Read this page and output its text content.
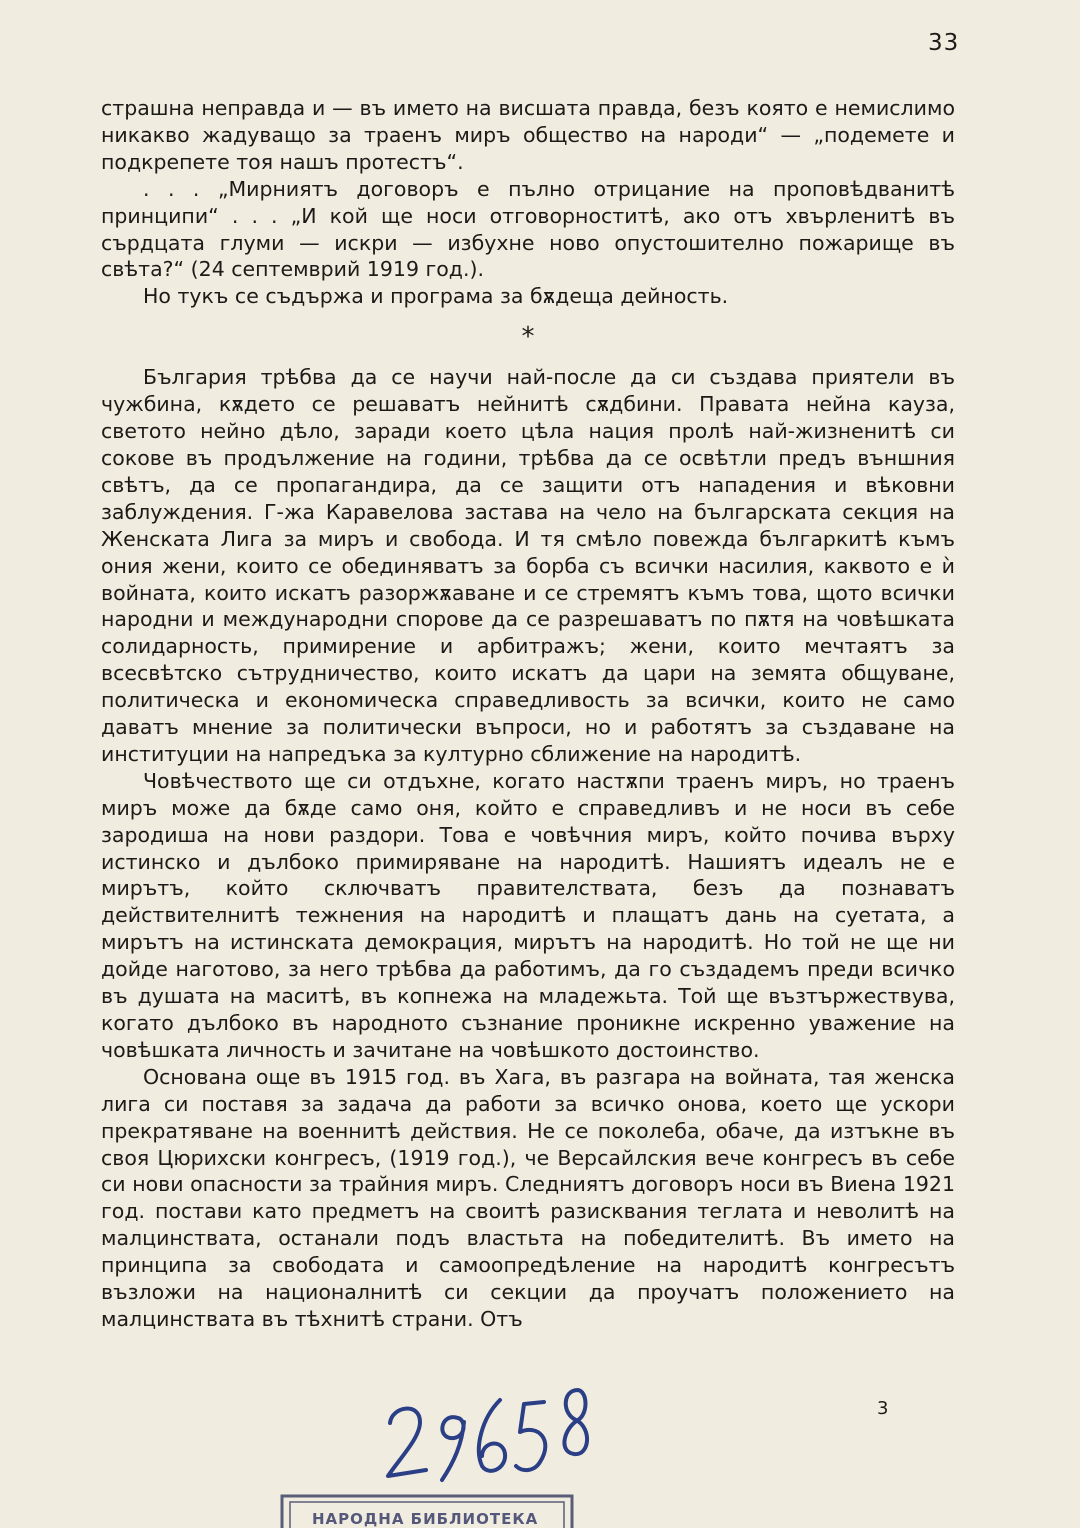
33

страшна неправда и — въ името на висшата правда, безъ която е немислимо никакво жадуващо за траенъ миръ общество на народи“ — „подемете и подкрепете тоя нашъ протестъ“.

. . . „Мирниятъ договоръ е пълно отрицание на проповѣдванитѣ принципи“ . . . „И кой ще носи отговорноститѣ, ако отъ хвърленитѣ въ сърдцата глуми — искри — избухне ново опустошително пожарище въ свѣта?“ (24 септемврий 1919 год.).

Но тукъ се съдържа и програма за бѫдеща дейность.

*

България трѣбва да се научи най-после да си създава приятели въ чужбина, кѫдето се решаватъ нейнитѣ сѫдбини. Правата нейна кауза, светото нейно дѣло, заради което цѣла нация пролѣ най-жизненитѣ си сокове въ продължение на години, трѣбва да се освѣтли предъ външния свѣтъ, да се пропагандира, да се защити отъ нападения и вѣковни заблуждения. Г-жа Каравелова застава на чело на българската секция на Женската Лига за миръ и свобода. И тя смѣло повежда българкитѣ къмъ ония жени, които се обединяватъ за борба съ всички насилия, каквото е ѝ войната, които искатъ разоржѫаване и се стремятъ къмъ това, щото всички народни и международни спорове да се разрешаватъ по пѫтя на човѣшката солидарность, примирение и арбитражъ; жени, които мечтаятъ за всесвѣтско сътрудничество, които искатъ да цари на земята общуване, политическа и економическа справедливость за всички, които не само даватъ мнение за политически въпроси, но и работятъ за създаване на институции на напредъка за културно сближение на народитѣ.

Човѣчеството ще си отдъхне, когато настѫпи траенъ миръ, но траенъ миръ може да бѫде само оня, който е справедливъ и не носи въ себе зародиша на нови раздори. Това е човѣчния миръ, който почива върху истинско и дълбоко примиряване на народитѣ. Нашиятъ идеалъ не е мирътъ, който сключватъ правителствата, безъ да познаватъ действителнитѣ тежнения на народитѣ и плащатъ дань на суетата, а мирътъ на истинската демокрация, мирътъ на народитѣ. Но той не ще ни дойде наготово, за него трѣбва да работимъ, да го създадемъ преди всичко въ душата на маситѣ, въ копнежа на младежьта. Той ще възтържествува, когато дълбоко въ народното съзнание проникне искренно уважение на човѣшката личность и зачитане на човѣшкото достоинство.

Основана още въ 1915 год. въ Хага, въ разгара на войната, тая женска лига си поставя за задача да работи за всичко онова, което ще ускори прекратяване на военнитѣ действия. Не се поколеба, обаче, да изтъкне въ своя Цюрихски конгресъ, (1919 год.), че Версайлския вече конгресъ въ себе си нови опасности за трайния миръ. Следниятъ договоръ носи въ Виена 1921 год. постави като предметъ на своитѣ разисквания теглата и неволитѣ на малцинствата, останали подъ властьта на победителитѣ. Въ името на принципа за свободата и самоопредѣление на народитѣ конгресътъ възложи на националнитѣ си секции да проучатъ положението на малцинствата въ тѣхнитѣ страни. Отъ

3
НАРОДНА БИБЛИОТЕКА
